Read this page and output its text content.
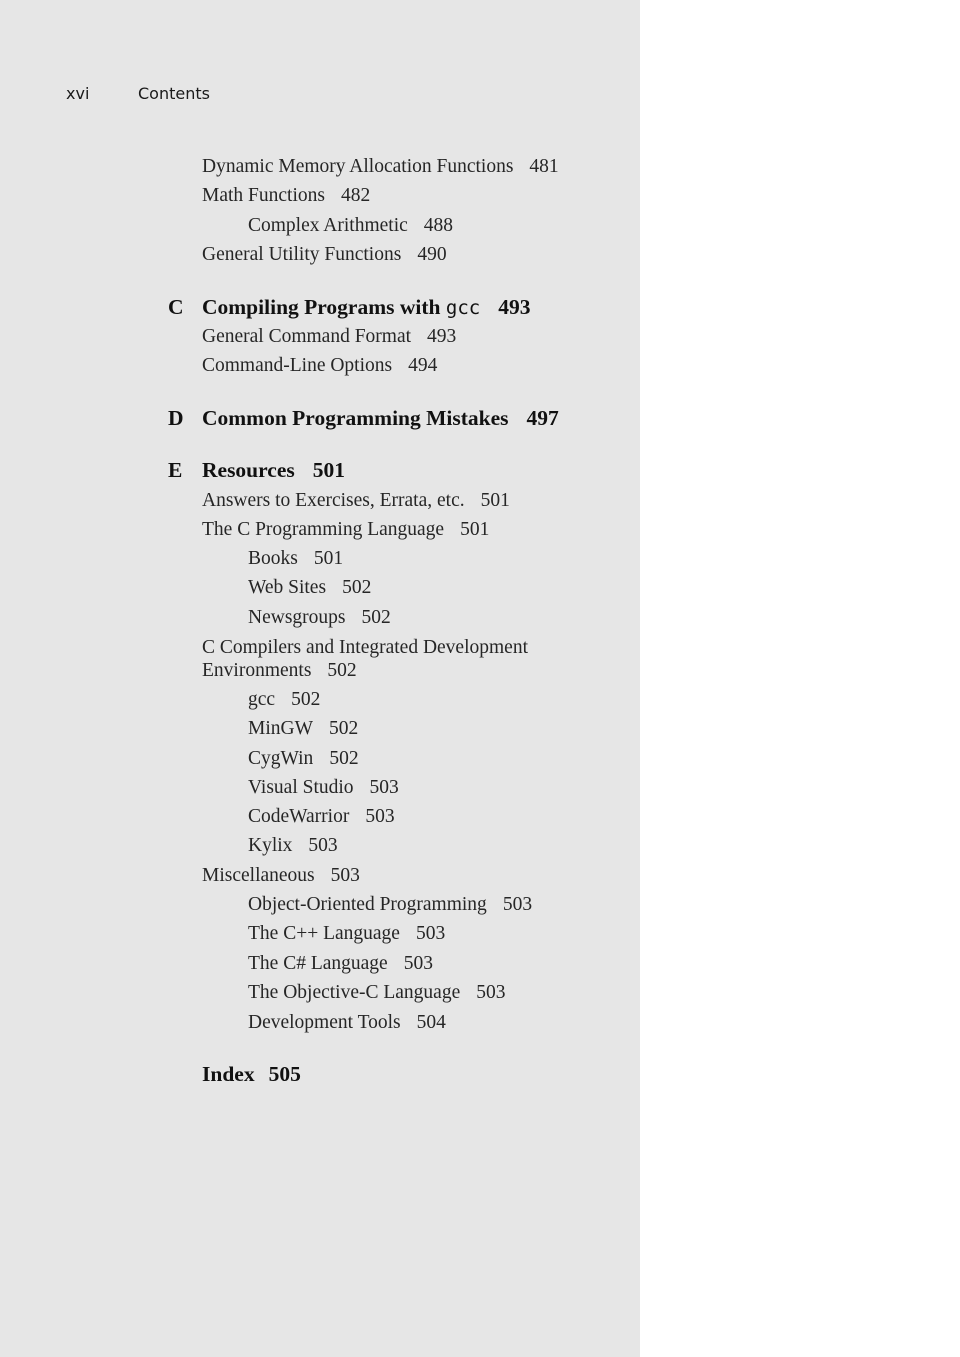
xvi	Contents
Dynamic Memory Allocation Functions 481
Math Functions 482
Complex Arithmetic 488
General Utility Functions 490
C Compiling Programs with gcc 493
General Command Format 493
Command-Line Options 494
D Common Programming Mistakes 497
E Resources 501
Answers to Exercises, Errata, etc. 501
The C Programming Language 501
Books 501
Web Sites 502
Newsgroups 502
C Compilers and Integrated Development Environments 502
gcc 502
MinGW 502
CygWin 502
Visual Studio 503
CodeWarrior 503
Kylix 503
Miscellaneous 503
Object-Oriented Programming 503
The C++ Language 503
The C# Language 503
The Objective-C Language 503
Development Tools 504
Index 505
